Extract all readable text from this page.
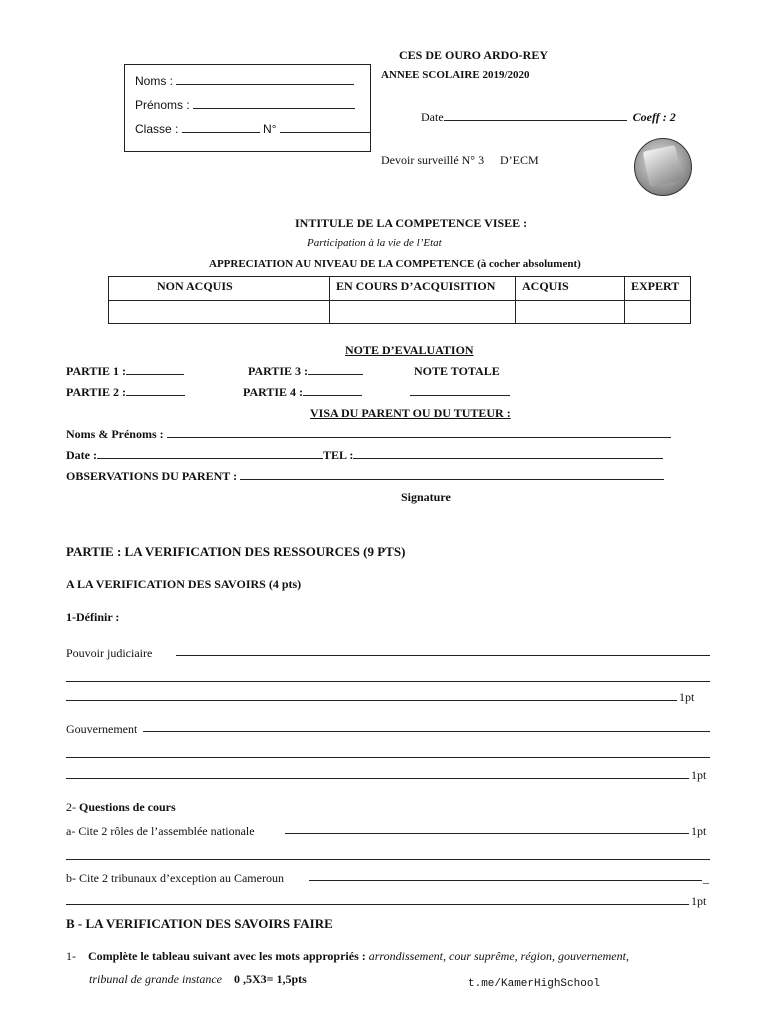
CES DE OURO ARDO-REY
ANNEE SCOLAIRE 2019/2020
Noms :
Prénoms :
Classe :	N°
Date	Coeff : 2
Devoir surveillé N° 3 D’ECM
INTITULE DE LA COMPETENCE VISEE :
Participation à la vie de l’Etat
APPRECIATION AU NIVEAU DE LA COMPETENCE (à cocher absolument)
NON ACQUIS	EN COURS D’ACQUISITION	ACQUIS	EXPERT

NOTE D’EVALUATION
PARTIE 1 :	PARTIE 3 :	NOTE TOTALE
PARTIE 2 :	PARTIE 4 :
VISA DU PARENT OU DU TUTEUR :
Noms & Prénoms :
Date :	TEL :
OBSERVATIONS DU PARENT :
Signature
PARTIE : LA VERIFICATION DES RESSOURCES (9 PTS)
A LA VERIFICATION DES SAVOIRS (4 pts)
1-Définir :
Pouvoir judiciaire
1pt
Gouvernement
1pt
2- Questions de cours
a- Cite 2 rôles de l’assemblée nationale	1pt
b- Cite 2 tribunaux d’exception au Cameroun	_
1pt
B - LA VERIFICATION DES SAVOIRS FAIRE
1- Complète le tableau suivant avec les mots appropriés : arrondissement, cour suprême, région, gouvernement,
tribunal de grande instance 0 ,5X3= 1,5pts	t.me/KamerHighSchool
